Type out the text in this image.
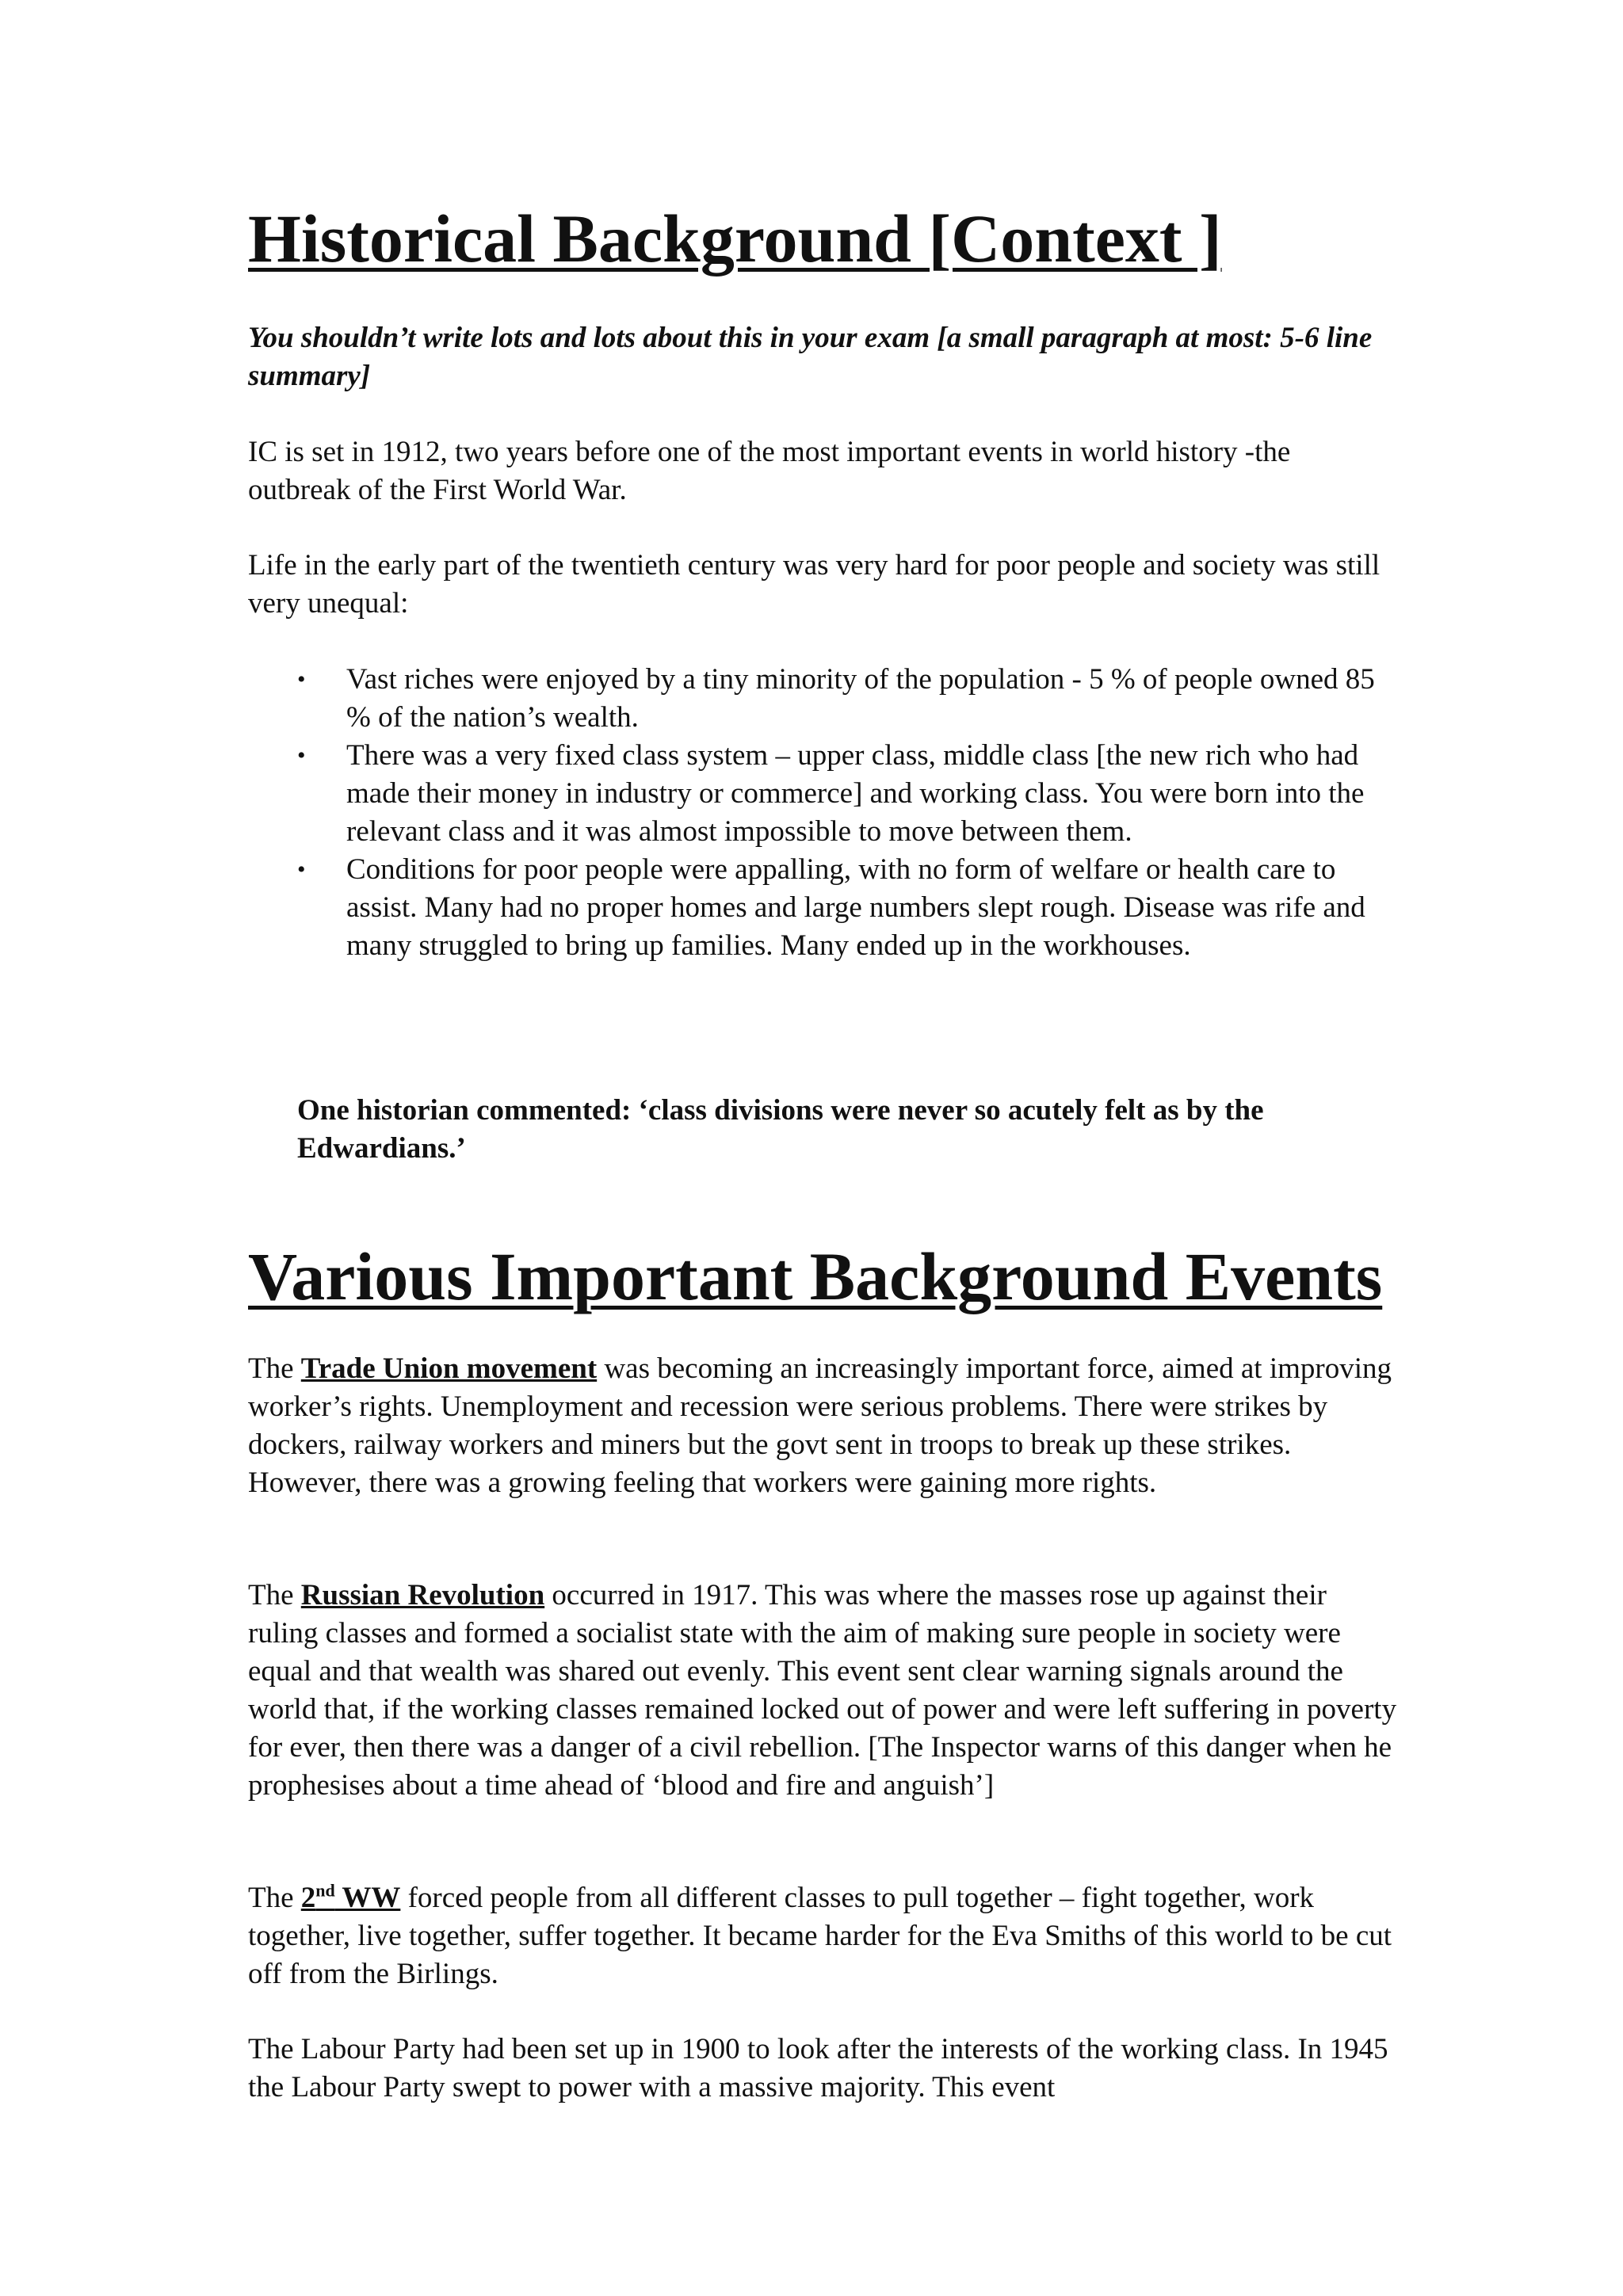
Historical Background [Context ]

You shouldn’t write lots and lots about this in your exam [a small paragraph at most: 5-6 line summary]

IC is set in 1912, two years before one of the most important events in world history -the outbreak of the First World War.

Life in the early part of the twentieth century was very hard for poor people and society was still very unequal:

• Vast riches were enjoyed by a tiny minority of the population - 5 % of people owned 85 % of the nation’s wealth.
• There was a very fixed class system – upper class, middle class [the new rich who had made their money in industry or commerce] and working class. You were born into the relevant class and it was almost impossible to move between them.
• Conditions for poor people were appalling, with no form of welfare or health care to assist. Many had no proper homes and large numbers slept rough. Disease was rife and many struggled to bring up families. Many ended up in the workhouses.

One historian commented: ‘class divisions were never so acutely felt as by the Edwardians.’

Various Important Background Events

The Trade Union movement was becoming an increasingly important force, aimed at improving worker’s rights. Unemployment and recession were serious problems. There were strikes by dockers, railway workers and miners but the govt sent in troops to break up these strikes. However, there was a growing feeling that workers were gaining more rights.

The Russian Revolution occurred in 1917. This was where the masses rose up against their ruling classes and formed a socialist state with the aim of making sure people in society were equal and that wealth was shared out evenly. This event sent clear warning signals around the world that, if the working classes remained locked out of power and were left suffering in poverty for ever, then there was a danger of a civil rebellion. [The Inspector warns of this danger when he prophesises about a time ahead of ‘blood and fire and anguish’]

The 2nd WW forced people from all different classes to pull together – fight together, work together, live together, suffer together. It became harder for the Eva Smiths of this world to be cut off from the Birlings.

The Labour Party had been set up in 1900 to look after the interests of the working class. In 1945 the Labour Party swept to power with a massive majority. This event
